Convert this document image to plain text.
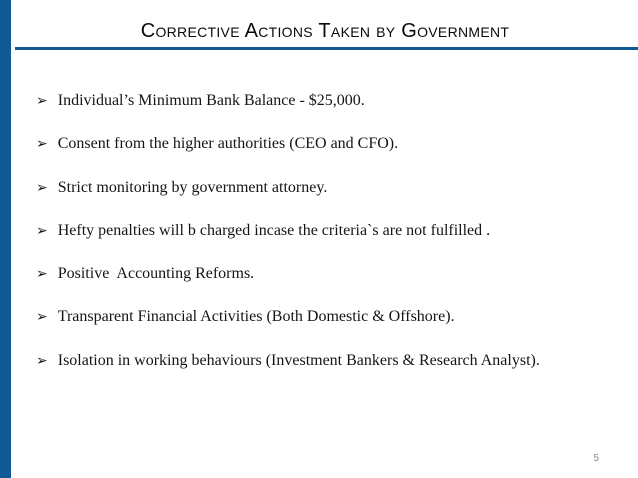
Corrective Actions Taken by Government
➢ Individual’s Minimum Bank Balance - $25,000.
➢ Consent from the higher authorities (CEO and CFO).
➢ Strict monitoring by government attorney.
➢ Hefty penalties will b charged incase the criteria`s are not fulfilled .
➢ Positive  Accounting Reforms.
➢ Transparent Financial Activities (Both Domestic & Offshore).
➢ Isolation in working behaviours (Investment Bankers & Research Analyst).
5
